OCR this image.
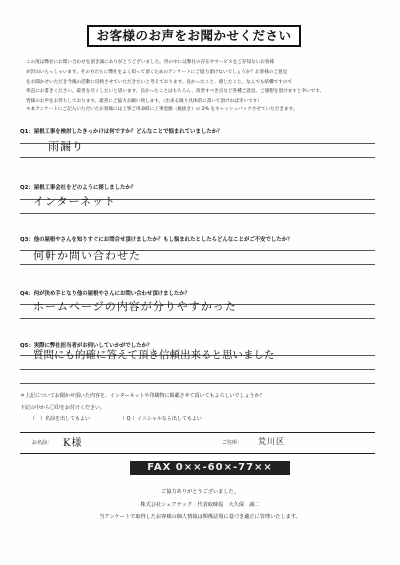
お客様のお声をお聞かせください
この度は弊社にお問い合わせを頂き誠にありがとうございました。世の中には弊社の存在やサービスをご存知ないお客様
が沢山いらっしゃいます。その方たちに弊社をよく知って頂くためのアンケートにご協力頂けないでしょうか？お客様のご意見
をお聞かせいただき今後の活動に反映させていただきたいと考えております。良かったこと、感じたこと、なんでも結構ですので
率直にお書きください。最善を尽くしたいと思います。良かったことはもちろん、改善すべき点など各種ご意見、ご感想を頂けますと幸いです。
皆様のお声をお待ちしております。最善にご協力お願い致します。（出来る限り具体的に書いて頂ければ幸いです）
＊本アンケートにご記入いただいたお客様には工事ご用命時に工事金額（税抜き）の 2% をキャッシュバックさせていただきます。
Q1：屋根工事を検討したきっかけは何ですか？どんなことで悩まれていましたか？
雨漏り
Q2：屋根工事会社をどのように探しましたか？
インターネット
Q3：他の屋根やさんを知りすぐにお問合せ頂けましたか？もし悩まれたとしたらどんなことがご不安でしたか？
何軒か問い合わせた
Q4：何が決め手となり他の屋根やさんにお問い合わせ頂けましたか？
ホームページの内容が分りやすかった
Q5：実際に弊社担当者がお伺いしていかがでしたか？
質問にも的確に答えて頂き信頼出来ると思いました
＊上記についてお聞かせ頂いた内容を、インターネットや印刷物に掲載させて頂いてもよろしいでしょうか？
下記の中から〇印をお付けください。
（　）名前を出してもよい	（ Q ）イニシャルなら出してもよい
お名前： K様	ご住所： 荒川区
FAX 0××-60×-77××
ご協力ありがとうございました。
株式会社シェアテック　代表取締役　大久保　誠二
当アンケートで取得したお客様の個人情報は関係法規に基づき適正に管理いたします。
